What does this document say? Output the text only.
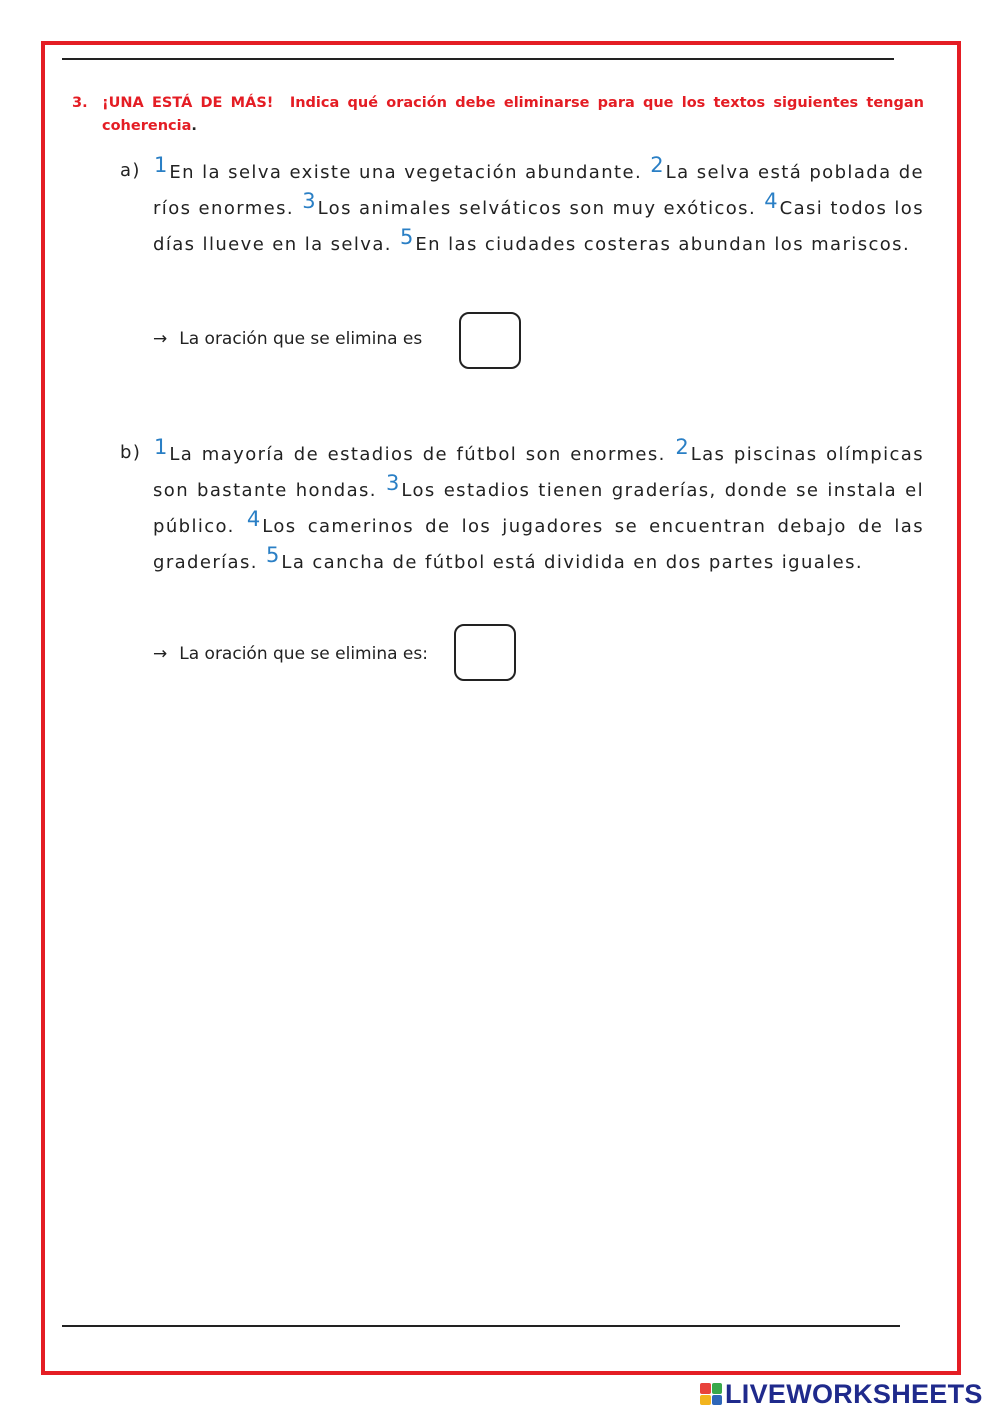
3. ¡UNA ESTÁ DE MÁS! Indica qué oración debe eliminarse para que los textos siguientes tengan coherencia.
a) 1 En la selva existe una vegetación abundante. 2 La selva está poblada de ríos enormes. 3 Los animales selváticos son muy exóticos. 4 Casi todos los días llueve en la selva. 5 En las ciudades costeras abundan los mariscos.
→ La oración que se elimina es
b) 1 La mayoría de estadios de fútbol son enormes. 2 Las piscinas olímpicas son bastante hondas. 3 Los estadios tienen graderías, donde se instala el público. 4 Los camerinos de los jugadores se encuentran debajo de las graderías. 5 La cancha de fútbol está dividida en dos partes iguales.
→ La oración que se elimina es:
LIVEWORKSHEETS
